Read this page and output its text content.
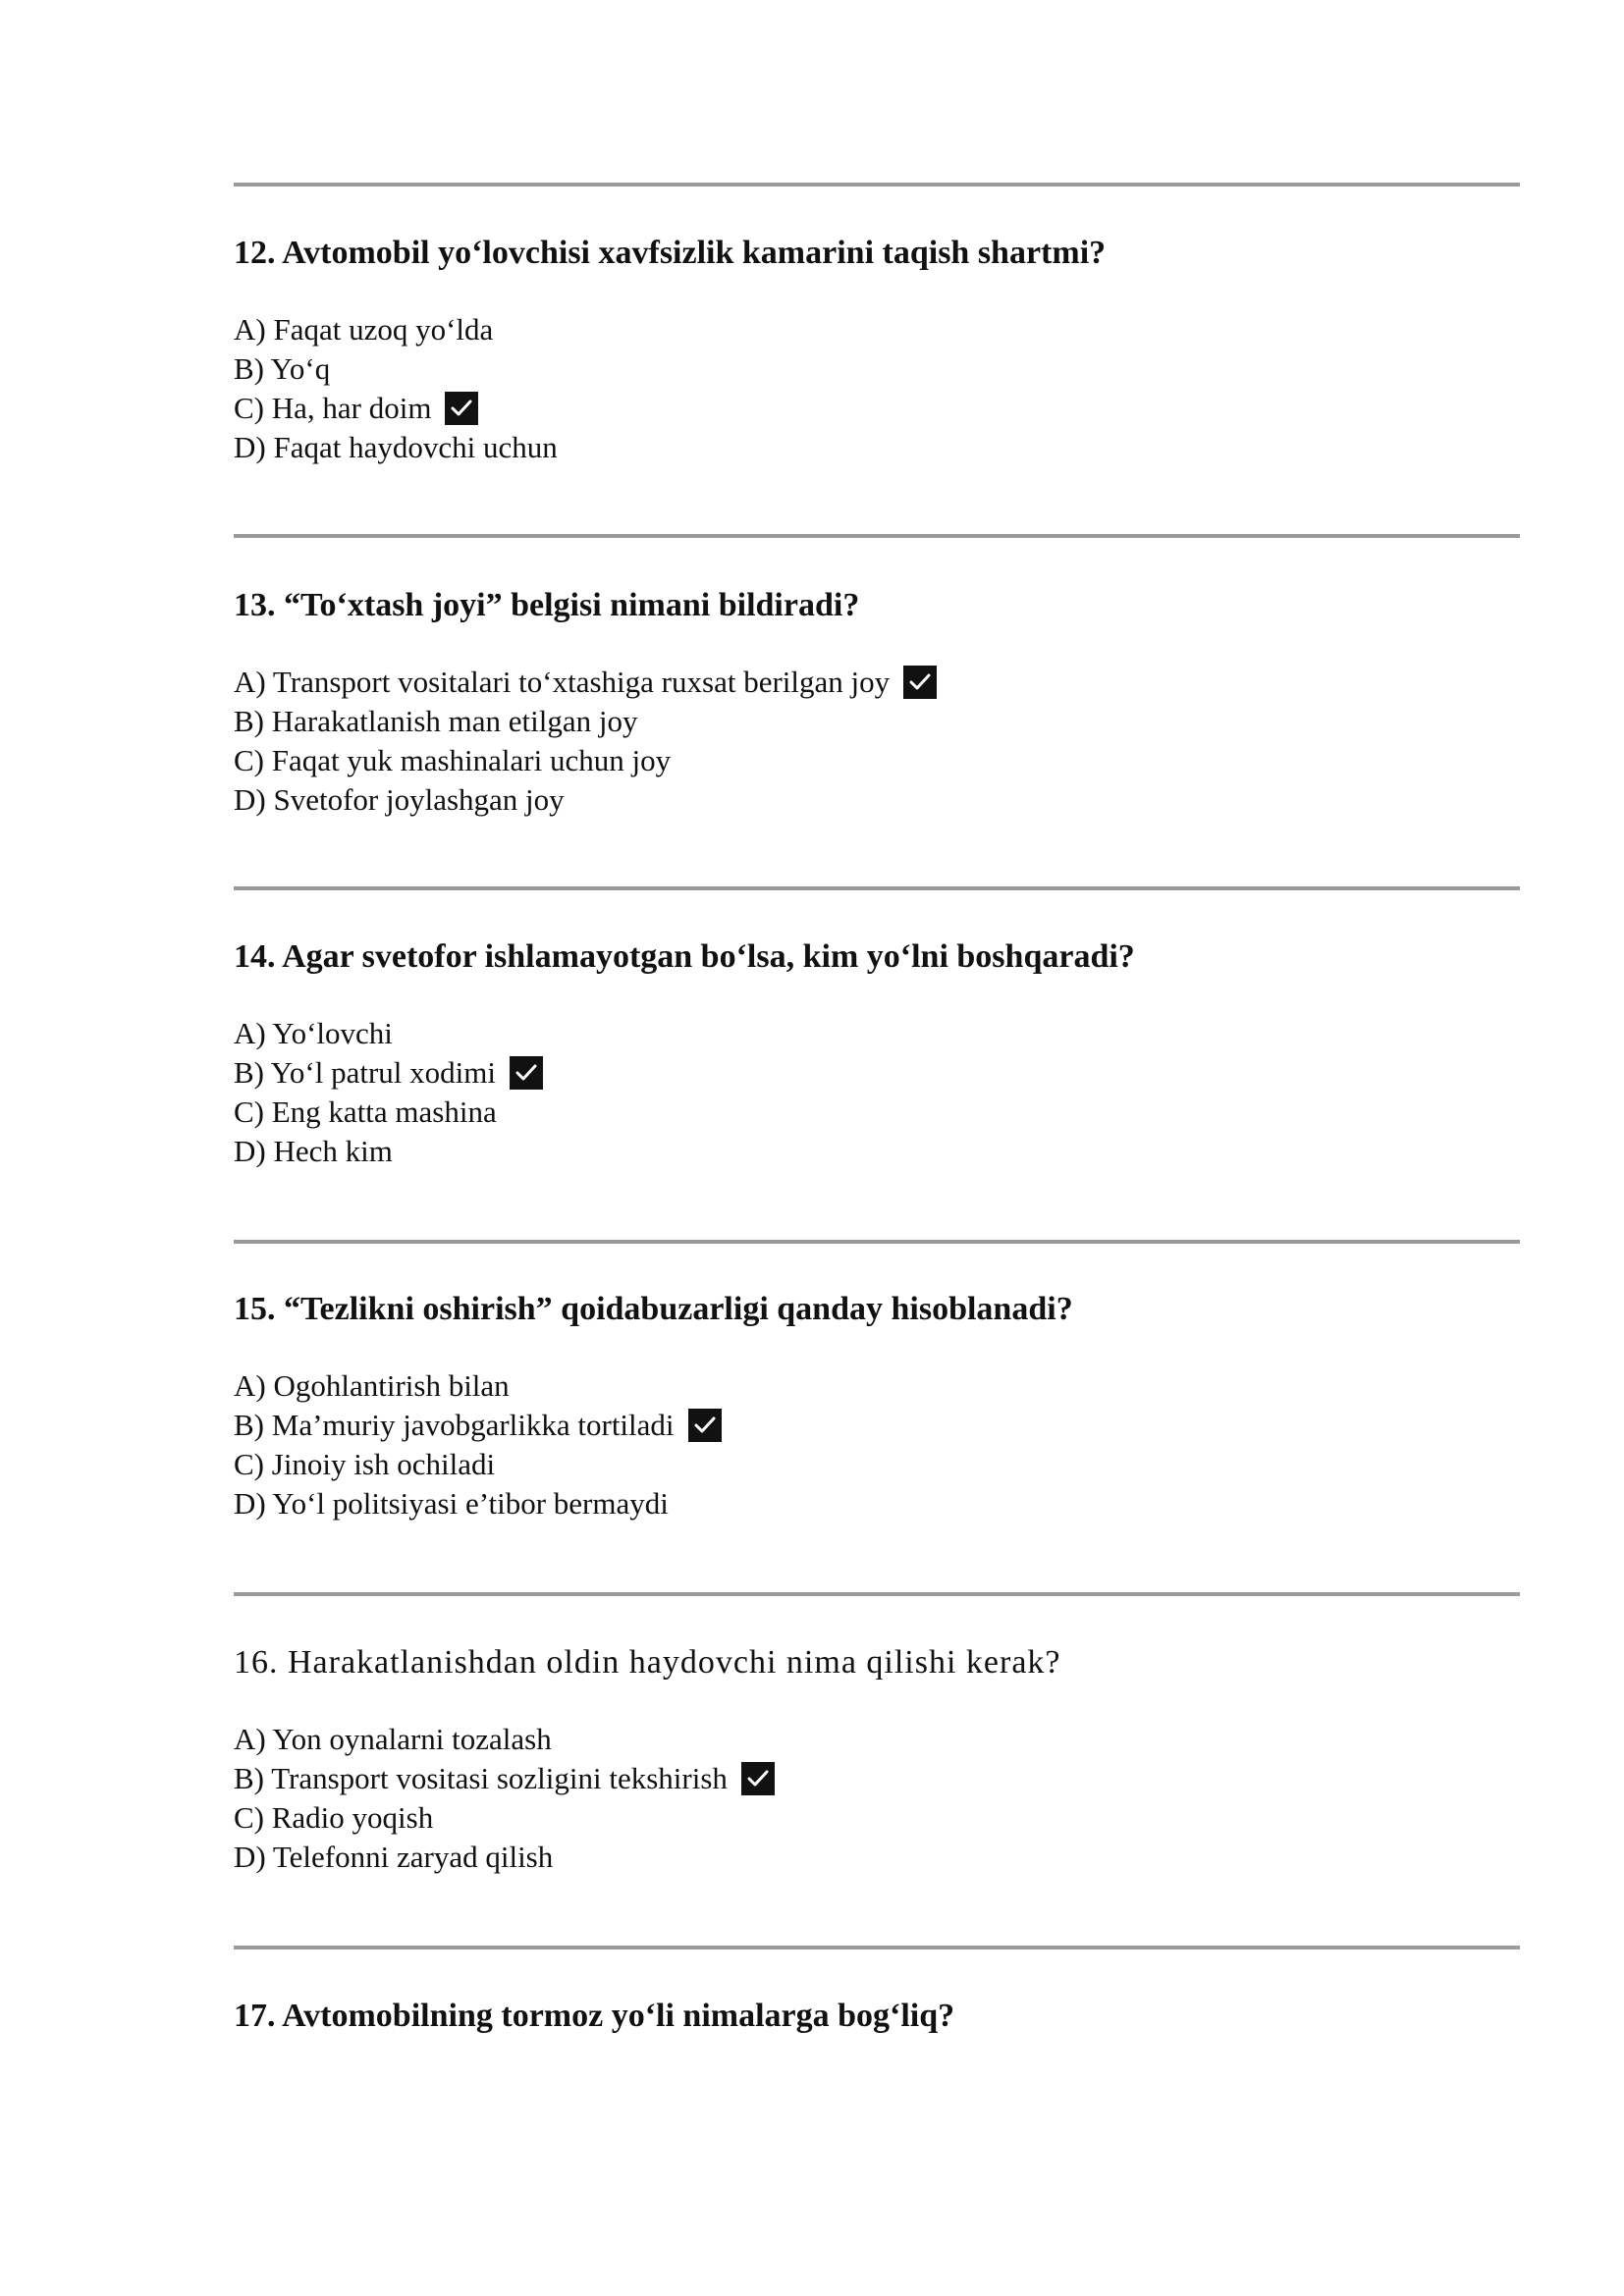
12. Avtomobil yo‘lovchisi xavfsizlik kamarini taqish shartmi?

A) Faqat uzoq yo‘lda
B) Yo‘q
C) Ha, har doim
D) Faqat haydovchi uchun

13. “To‘xtash joyi” belgisi nimani bildiradi?

A) Transport vositalari to‘xtashiga ruxsat berilgan joy
B) Harakatlanish man etilgan joy
C) Faqat yuk mashinalari uchun joy
D) Svetofor joylashgan joy

14. Agar svetofor ishlamayotgan bo‘lsa, kim yo‘lni boshqaradi?

A) Yo‘lovchi
B) Yo‘l patrul xodimi
C) Eng katta mashina
D) Hech kim

15. “Tezlikni oshirish” qoidabuzarligi qanday hisoblanadi?

A) Ogohlantirish bilan
B) Ma’muriy javobgarlikka tortiladi
C) Jinoiy ish ochiladi
D) Yo‘l politsiyasi e’tibor bermaydi

16. Harakatlanishdan oldin haydovchi nima qilishi kerak?

A) Yon oynalarni tozalash
B) Transport vositasi sozligini tekshirish
C) Radio yoqish
D) Telefonni zaryad qilish

17. Avtomobilning tormoz yo‘li nimalarga bog‘liq?
